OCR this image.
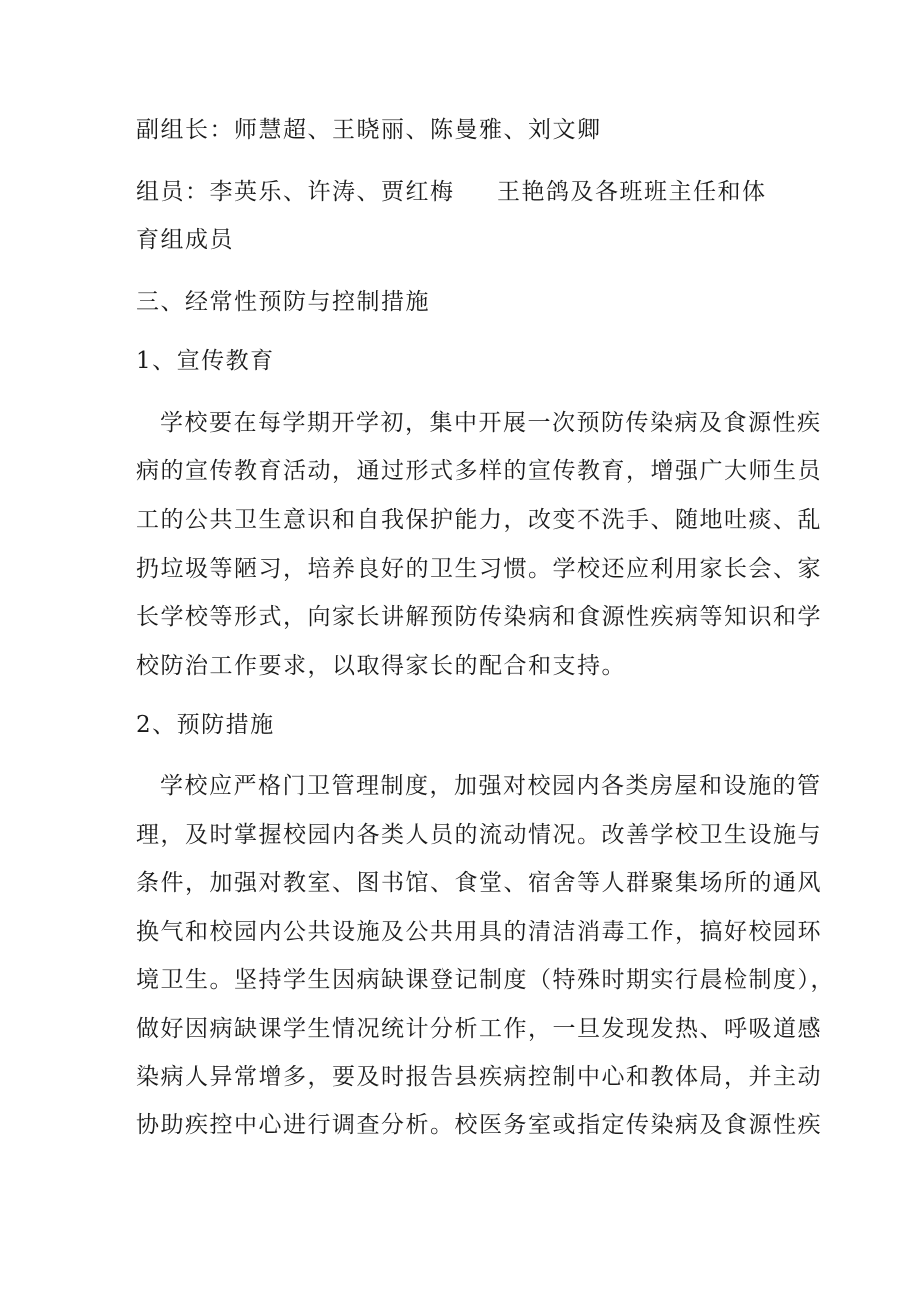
副组长：师慧超、王晓丽、陈曼雅、刘文卿
组员：李英乐、许涛、贾红梅 王艳鸽及各班班主任和体
育组成员
三、经常性预防与控制措施
1、宣传教育
学校要在每学期开学初，集中开展一次预防传染病及食源性疾
病的宣传教育活动，通过形式多样的宣传教育，增强广大师生员
工的公共卫生意识和自我保护能力，改变不洗手、随地吐痰、乱
扔垃圾等陋习，培养良好的卫生习惯。学校还应利用家长会、家
长学校等形式，向家长讲解预防传染病和食源性疾病等知识和学
校防治工作要求，以取得家长的配合和支持。
2、预防措施
学校应严格门卫管理制度，加强对校园内各类房屋和设施的管
理，及时掌握校园内各类人员的流动情况。改善学校卫生设施与
条件，加强对教室、图书馆、食堂、宿舍等人群聚集场所的通风
换气和校园内公共设施及公共用具的清洁消毒工作，搞好校园环
境卫生。坚持学生因病缺课登记制度（特殊时期实行晨检制度），
做好因病缺课学生情况统计分析工作，一旦发现发热、呼吸道感
染病人异常增多，要及时报告县疾病控制中心和教体局，并主动
协助疾控中心进行调查分析。校医务室或指定传染病及食源性疾
